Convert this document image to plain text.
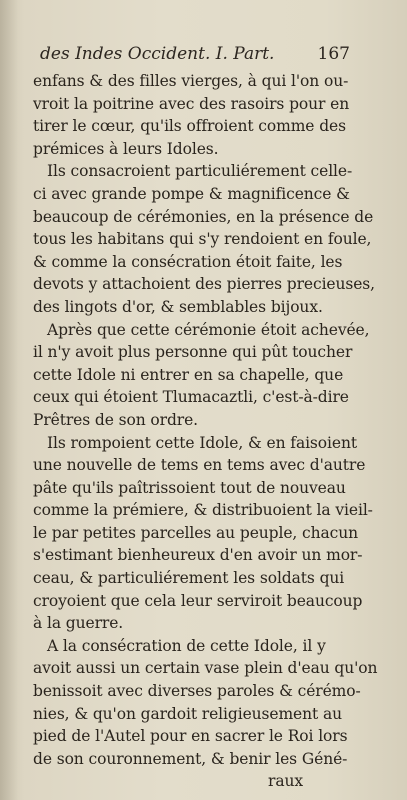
des Indes Occident. I. Part.	167
enfans & des filles vierges, à qui l'on ou-
vroit la poitrine avec des rasoirs pour en
tirer le cœur, qu'ils offroient comme des
prémices à leurs Idoles.
Ils consacroient particuliérement celle-
ci avec grande pompe & magnificence &
beaucoup de cérémonies, en la présence de
tous les habitans qui s'y rendoient en foule,
& comme la consécration étoit faite, les
devots y attachoient des pierres precieuses,
des lingots d'or, & semblables bijoux.
Après que cette cérémonie étoit achevée,
il n'y avoit plus personne qui pût toucher
cette Idole ni entrer en sa chapelle, que
ceux qui étoient Tlumacaztli, c'est-à-dire
Prêtres de son ordre.
Ils rompoient cette Idole, & en faisoient
une nouvelle de tems en tems avec d'autre
pâte qu'ils paîtrissoient tout de nouveau
comme la prémiere, & distribuoient la vieil-
le par petites parcelles au peuple, chacun
s'estimant bienheureux d'en avoir un mor-
ceau, & particuliérement les soldats qui
croyoient que cela leur serviroit beaucoup
à la guerre.
A la consécration de cette Idole, il y
avoit aussi un certain vase plein d'eau qu'on
benissoit avec diverses paroles & cérémo-
nies, & qu'on gardoit religieusement au
pied de l'Autel pour en sacrer le Roi lors
de son couronnement, & benir les Géné-
raux
